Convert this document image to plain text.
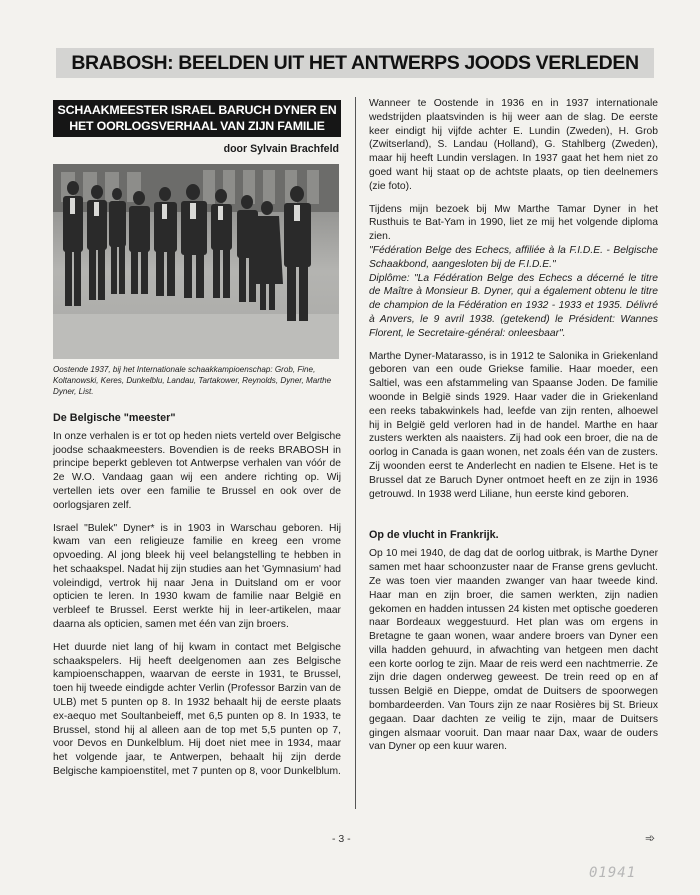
BRABOSH: BEELDEN UIT HET ANTWERPS JOODS VERLEDEN
SCHAAKMEESTER ISRAEL BARUCH DYNER EN HET OORLOGSVERHAAL VAN ZIJN FAMILIE
door Sylvain Brachfeld
Oostende 1937, bij het Internationale schaakkampioenschap: Grob, Fine, Koltanowski, Keres, Dunkelblu, Landau, Tartakower, Reynolds, Dyner, Marthe Dyner, List.
De Belgische "meester"

In onze verhalen is er tot op heden niets verteld over Belgische joodse schaakmeesters. Bovendien is de reeks BRABOSH in principe beperkt gebleven tot Antwerpse verhalen van vóór de 2e W.O. Vandaag gaan wij een andere richting op. Wij vertellen iets over een familie te Brussel en ook over de oorlogsjaren zelf.

Israel "Bulek" Dyner* is in 1903 in Warschau geboren. Hij kwam van een religieuze familie en kreeg een vrome opvoeding. Al jong bleek hij veel belangstelling te hebben in het schaakspel. Nadat hij zijn studies aan het 'Gymnasium' had voleindigd, vertrok hij naar Jena in Duitsland om er voor opticien te leren. In 1930 kwam de familie naar België en verbleef te Brussel. Eerst werkte hij in leer-artikelen, maar daarna als opticien, samen met één van zijn broers.

Het duurde niet lang of hij kwam in contact met Belgische schaakspelers. Hij heeft deelgenomen aan zes Belgische kampioenschappen, waarvan de eerste in 1931, te Brussel, toen hij tweede eindigde achter Verlin (Professor Barzin van de ULB) met 5 punten op 8. In 1932 behaalt hij de eerste plaats ex-aequo met Soultanbeieff, met 6,5 punten op 8. In 1933, te Brussel, stond hij al alleen aan de top met 5,5 punten op 7, voor Devos en Dunkelblum. Hij doet niet mee in 1934, maar het volgende jaar, te Antwerpen, behaalt hij zijn derde Belgische kampioenstitel, met 7 punten op 8, voor Dunkelblum.

Wanneer te Oostende in 1936 en in 1937 internationale wedstrijden plaatsvinden is hij weer aan de slag. De eerste keer eindigt hij vijfde achter E. Lundin (Zweden), H. Grob (Zwitserland), S. Landau (Holland), G. Stahlberg (Zweden), maar hij heeft Lundin verslagen. In 1937 gaat het hem niet zo goed want hij staat op de achtste plaats, op tien deelnemers (zie foto).

Tijdens mijn bezoek bij Mw Marthe Tamar Dyner in het Rusthuis te Bat-Yam in 1990, liet ze mij het volgende diploma zien.

"Fédération Belge des Echecs, affiliée à la F.I.D.E. - Belgische Schaakbond, aangesloten bij de F.I.D.E."

Diplôme: "La Fédération Belge des Echecs a décerné le titre de Maître à Monsieur B. Dyner, qui a également obtenu le titre de champion de la Fédération en 1932 - 1933 et 1935. Délivré à Anvers, le 9 avril 1938. (getekend) le Président: Wannes Florent, le Secretaire-général: onleesbaar".

Marthe Dyner-Matarasso, is in 1912 te Salonika in Griekenland geboren van een oude Griekse familie. Haar moeder, een Saltiel, was een afstammeling van Spaanse Joden. De familie woonde in België sinds 1929. Haar vader die in Griekenland een reeks tabakwinkels had, leefde van zijn renten, alhoewel hij in België geld verloren had in de handel. Marthe en haar zusters werkten als naaisters. Zij had ook een broer, die na de oorlog in Canada is gaan wonen, net zoals één van de zusters. Zij woonden eerst te Anderlecht en nadien te Elsene. Het is te Brussel dat ze Baruch Dyner ontmoet heeft en ze zijn in 1936 getrouwd. In 1938 werd Liliane, hun eerste kind geboren.

Op de vlucht in Frankrijk.

Op 10 mei 1940, de dag dat de oorlog uitbrak, is Marthe Dyner samen met haar schoonzuster naar de Franse grens gevlucht. Ze was toen vier maanden zwanger van haar tweede kind. Haar man en zijn broer, die samen werkten, zijn nadien gekomen en hadden intussen 24 kisten met optische goederen naar Bordeaux weggestuurd. Het plan was om ergens in Bretagne te gaan wonen, waar andere broers van Dyner een villa hadden gehuurd, in afwachting van hetgeen men dacht een korte oorlog te zijn. Maar de reis werd een nachtmerrie. Ze zijn drie dagen onderweg geweest. De trein reed op en af tussen België en Dieppe, omdat de Duitsers de spoorwegen bombardeerden. Van Tours zijn ze naar Rosières bij St. Brieux gegaan. Daar dachten ze veilig te zijn, maar de Duitsers gingen alsmaar vooruit. Dan maar naar Dax, waar de ouders van Dyner op een kuur waren.

- 3 -	➾
01941
